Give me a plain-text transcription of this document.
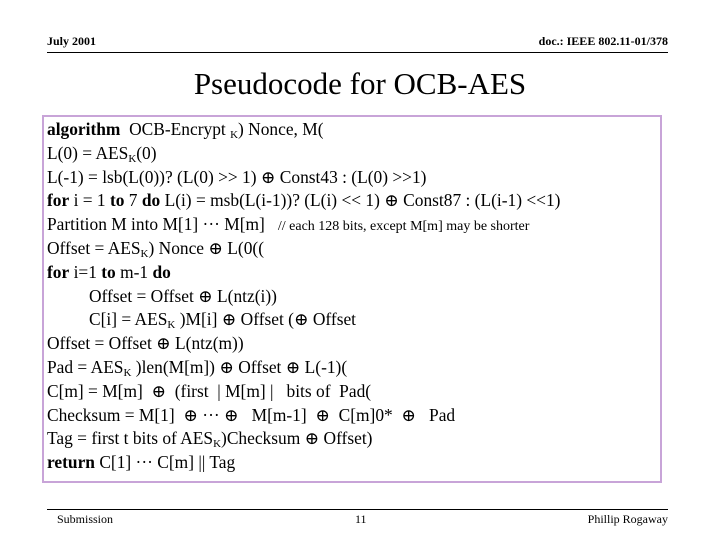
July 2001	doc.: IEEE 802.11-01/378
Pseudocode for OCB-AES
algorithm  OCB-Encrypt $_K$) Nonce, M(
$L(0) = AES_K(0)$
L(-1) = lsb(L(0))? (L(0) >> 1) ⊕ Const43 : (L(0) >>1)
for i = 1 to 7 do L(i) = msb(L(i-1))? (L(i) << 1) ⊕ Const87 : (L(i-1) <<1)
Partition M into M[1] ··· M[m]   // each 128 bits, except M[m] may be shorter
Offset = $AES_K$) Nonce ⊕ L(0((
for i=1 to m-1 do
Offset = Offset ⊕ L(ntz(i))
$C[i] = AES_K$ )M[i] ⊕ Offset (⊕ Offset
Offset = Offset ⊕ L(ntz(m))
Pad = $AES_K$ )len(M[m]) ⊕ Offset ⊕ L(-1)(
C[m] = M[m]  ⊕  (first  | M[m] |   bits of  Pad(
Checksum = M[1]  ⊕ ··· ⊕   M[m-1]  ⊕  C[m]0*  ⊕   Pad
Tag = first t bits of $AES_K)Checksum$ ⊕ Offset)
return C[1] ··· C[m] || Tag
Submission	11	Phillip Rogaway
